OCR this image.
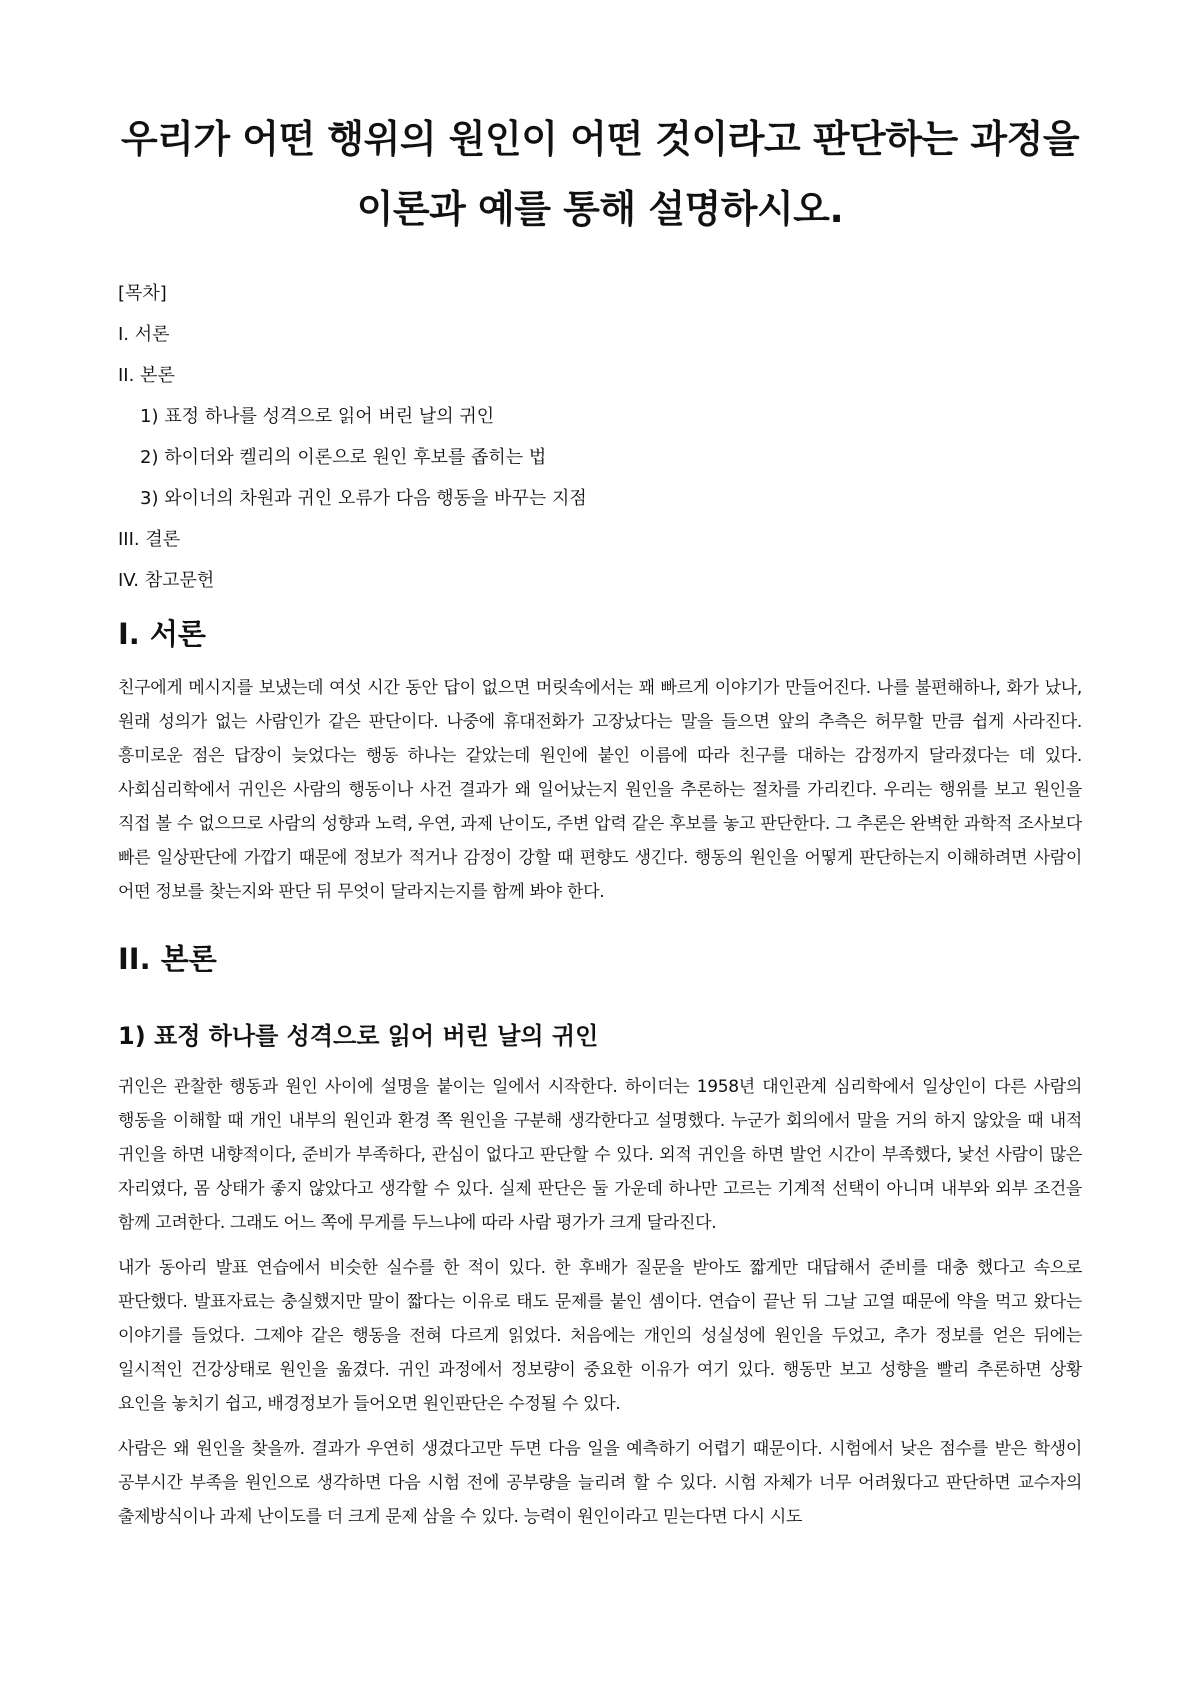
우리가 어떤 행위의 원인이 어떤 것이라고 판단하는 과정을 이론과 예를 통해 설명하시오.
[목차]
I. 서론
II. 본론
1) 표정 하나를 성격으로 읽어 버린 날의 귀인
2) 하이더와 켈리의 이론으로 원인 후보를 좁히는 법
3) 와이너의 차원과 귀인 오류가 다음 행동을 바꾸는 지점
III. 결론
IV. 참고문헌
I. 서론

친구에게 메시지를 보냈는데 여섯 시간 동안 답이 없으면 머릿속에서는 꽤 빠르게 이야기가 만들어진다. 나를 불편해하나, 화가 났나, 원래 성의가 없는 사람인가 같은 판단이다. 나중에 휴대전화가 고장났다는 말을 들으면 앞의 추측은 허무할 만큼 쉽게 사라진다. 흥미로운 점은 답장이 늦었다는 행동 하나는 같았는데 원인에 붙인 이름에 따라 친구를 대하는 감정까지 달라졌다는 데 있다. 사회심리학에서 귀인은 사람의 행동이나 사건 결과가 왜 일어났는지 원인을 추론하는 절차를 가리킨다. 우리는 행위를 보고 원인을 직접 볼 수 없으므로 사람의 성향과 노력, 우연, 과제 난이도, 주변 압력 같은 후보를 놓고 판단한다. 그 추론은 완벽한 과학적 조사보다 빠른 일상판단에 가깝기 때문에 정보가 적거나 감정이 강할 때 편향도 생긴다. 행동의 원인을 어떻게 판단하는지 이해하려면 사람이 어떤 정보를 찾는지와 판단 뒤 무엇이 달라지는지를 함께 봐야 한다.

II. 본론
1) 표정 하나를 성격으로 읽어 버린 날의 귀인

귀인은 관찰한 행동과 원인 사이에 설명을 붙이는 일에서 시작한다. 하이더는 1958년 대인관계 심리학에서 일상인이 다른 사람의 행동을 이해할 때 개인 내부의 원인과 환경 쪽 원인을 구분해 생각한다고 설명했다. 누군가 회의에서 말을 거의 하지 않았을 때 내적 귀인을 하면 내향적이다, 준비가 부족하다, 관심이 없다고 판단할 수 있다. 외적 귀인을 하면 발언 시간이 부족했다, 낯선 사람이 많은 자리였다, 몸 상태가 좋지 않았다고 생각할 수 있다. 실제 판단은 둘 가운데 하나만 고르는 기계적 선택이 아니며 내부와 외부 조건을 함께 고려한다. 그래도 어느 쪽에 무게를 두느냐에 따라 사람 평가가 크게 달라진다.

내가 동아리 발표 연습에서 비슷한 실수를 한 적이 있다. 한 후배가 질문을 받아도 짧게만 대답해서 준비를 대충 했다고 속으로 판단했다. 발표자료는 충실했지만 말이 짧다는 이유로 태도 문제를 붙인 셈이다. 연습이 끝난 뒤 그날 고열 때문에 약을 먹고 왔다는 이야기를 들었다. 그제야 같은 행동을 전혀 다르게 읽었다. 처음에는 개인의 성실성에 원인을 두었고, 추가 정보를 얻은 뒤에는 일시적인 건강상태로 원인을 옮겼다. 귀인 과정에서 정보량이 중요한 이유가 여기 있다. 행동만 보고 성향을 빨리 추론하면 상황 요인을 놓치기 쉽고, 배경정보가 들어오면 원인판단은 수정될 수 있다.

사람은 왜 원인을 찾을까. 결과가 우연히 생겼다고만 두면 다음 일을 예측하기 어렵기 때문이다. 시험에서 낮은 점수를 받은 학생이 공부시간 부족을 원인으로 생각하면 다음 시험 전에 공부량을 늘리려 할 수 있다. 시험 자체가 너무 어려웠다고 판단하면 교수자의 출제방식이나 과제 난이도를 더 크게 문제 삼을 수 있다. 능력이 원인이라고 믿는다면 다시 시도
